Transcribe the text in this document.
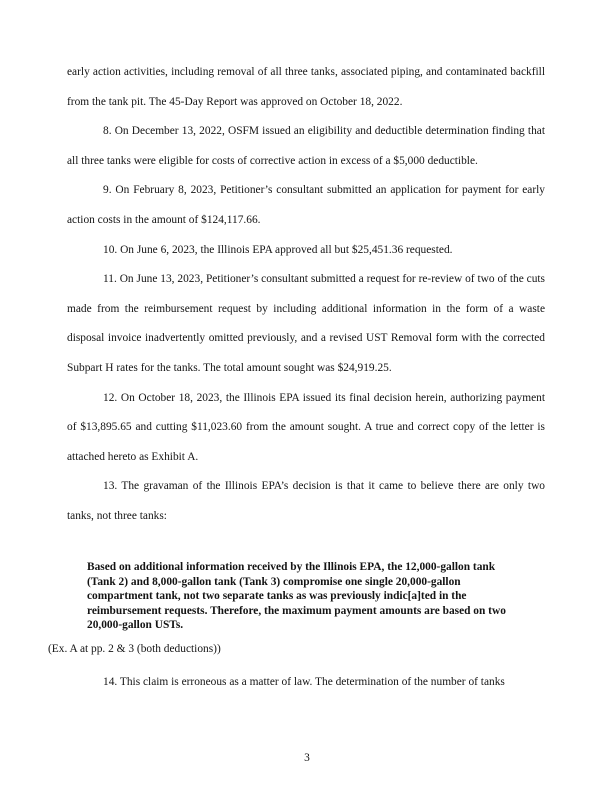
early action activities, including removal of all three tanks, associated piping, and contaminated backfill from the tank pit. The 45-Day Report was approved on October 18, 2022.

8. On December 13, 2022, OSFM issued an eligibility and deductible determination finding that all three tanks were eligible for costs of corrective action in excess of a $5,000 deductible.

9. On February 8, 2023, Petitioner’s consultant submitted an application for payment for early action costs in the amount of $124,117.66.

10. On June 6, 2023, the Illinois EPA approved all but $25,451.36 requested.

11. On June 13, 2023, Petitioner’s consultant submitted a request for re-review of two of the cuts made from the reimbursement request by including additional information in the form of a waste disposal invoice inadvertently omitted previously, and a revised UST Removal form with the corrected Subpart H rates for the tanks. The total amount sought was $24,919.25.

12. On October 18, 2023, the Illinois EPA issued its final decision herein, authorizing payment of $13,895.65 and cutting $11,023.60 from the amount sought. A true and correct copy of the letter is attached hereto as Exhibit A.

13. The gravaman of the Illinois EPA’s decision is that it came to believe there are only two tanks, not three tanks:

Based on additional information received by the Illinois EPA, the 12,000-gallon tank (Tank 2) and 8,000-gallon tank (Tank 3) compromise one single 20,000-gallon compartment tank, not two separate tanks as was previously indic[a]ted in the reimbursement requests. Therefore, the maximum payment amounts are based on two 20,000-gallon USTs.
(Ex. A at pp. 2 & 3 (both deductions))
14. This claim is erroneous as a matter of law. The determination of the number of tanks
3
